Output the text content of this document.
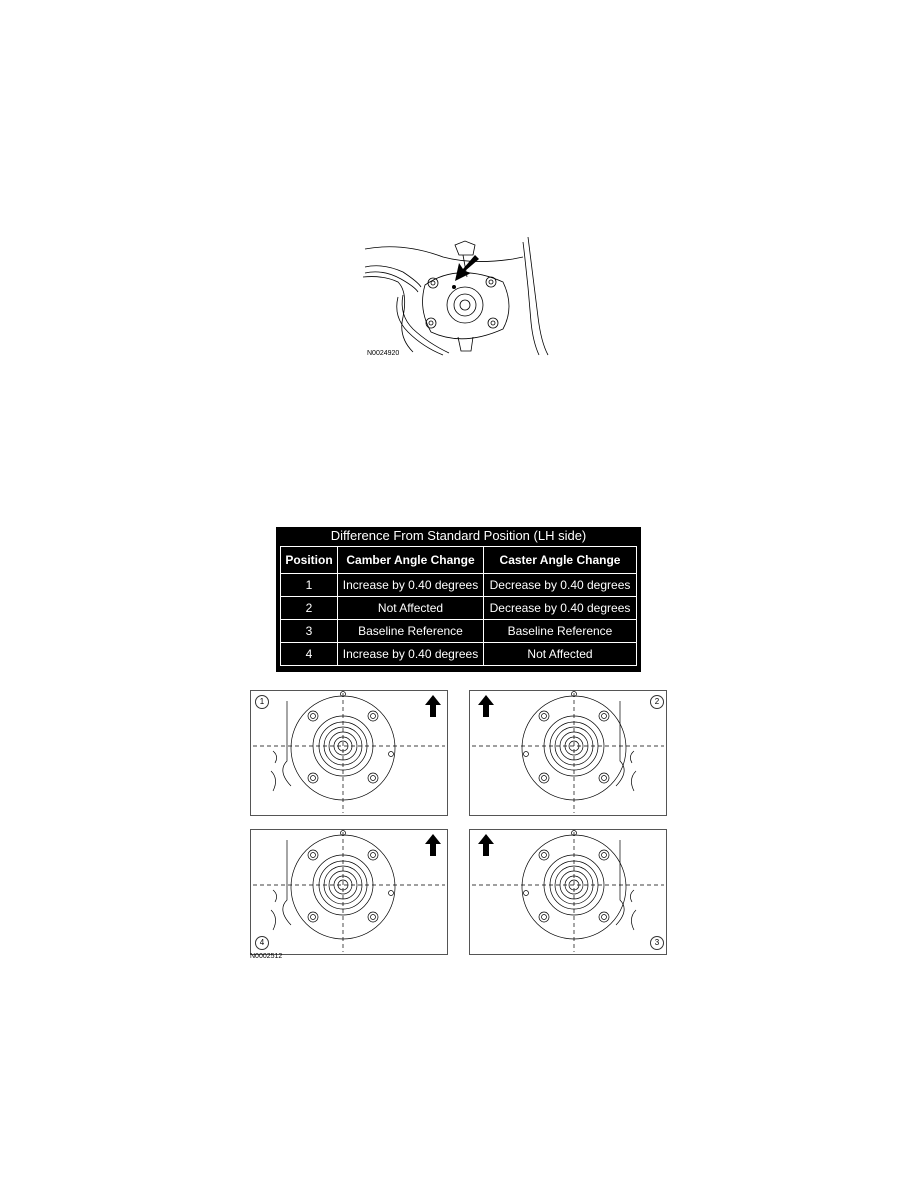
N0024920
Difference From Standard Position (LH side)
Position	Camber Angle Change	Caster Angle Change
1	Increase by 0.40 degrees	Decrease by 0.40 degrees
2	Not Affected	Decrease by 0.40 degrees
3	Baseline Reference	Baseline Reference
4	Increase by 0.40 degrees	Not Affected
1	2
4	3
N0002512
